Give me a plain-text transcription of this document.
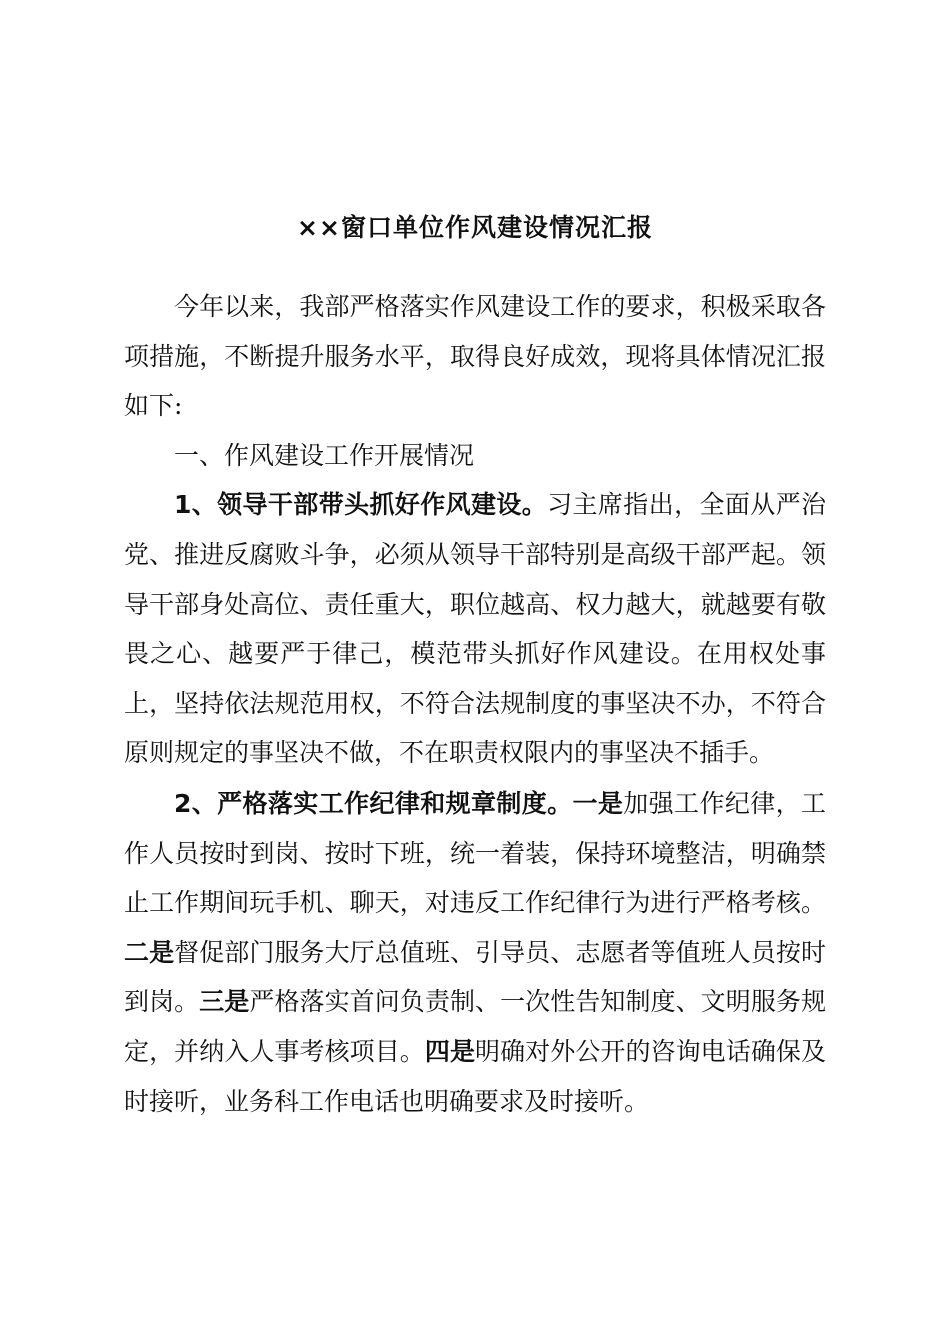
××窗口单位作风建设情况汇报

今年以来，我部严格落实作风建设工作的要求，积极采取各项措施，不断提升服务水平，取得良好成效，现将具体情况汇报如下:

一、作风建设工作开展情况

1、领导干部带头抓好作风建设。习主席指出，全面从严治党、推进反腐败斗争，必须从领导干部特别是高级干部严起。领导干部身处高位、责任重大，职位越高、权力越大，就越要有敬畏之心、越要严于律己，模范带头抓好作风建设。在用权处事上，坚持依法规范用权，不符合法规制度的事坚决不办，不符合原则规定的事坚决不做，不在职责权限内的事坚决不插手。

2、严格落实工作纪律和规章制度。一是加强工作纪律，工作人员按时到岗、按时下班，统一着装，保持环境整洁，明确禁止工作期间玩手机、聊天，对违反工作纪律行为进行严格考核。二是督促部门服务大厅总值班、引导员、志愿者等值班人员按时到岗。三是严格落实首问负责制、一次性告知制度、文明服务规定，并纳入人事考核项目。四是明确对外公开的咨询电话确保及时接听，业务科工作电话也明确要求及时接听。
